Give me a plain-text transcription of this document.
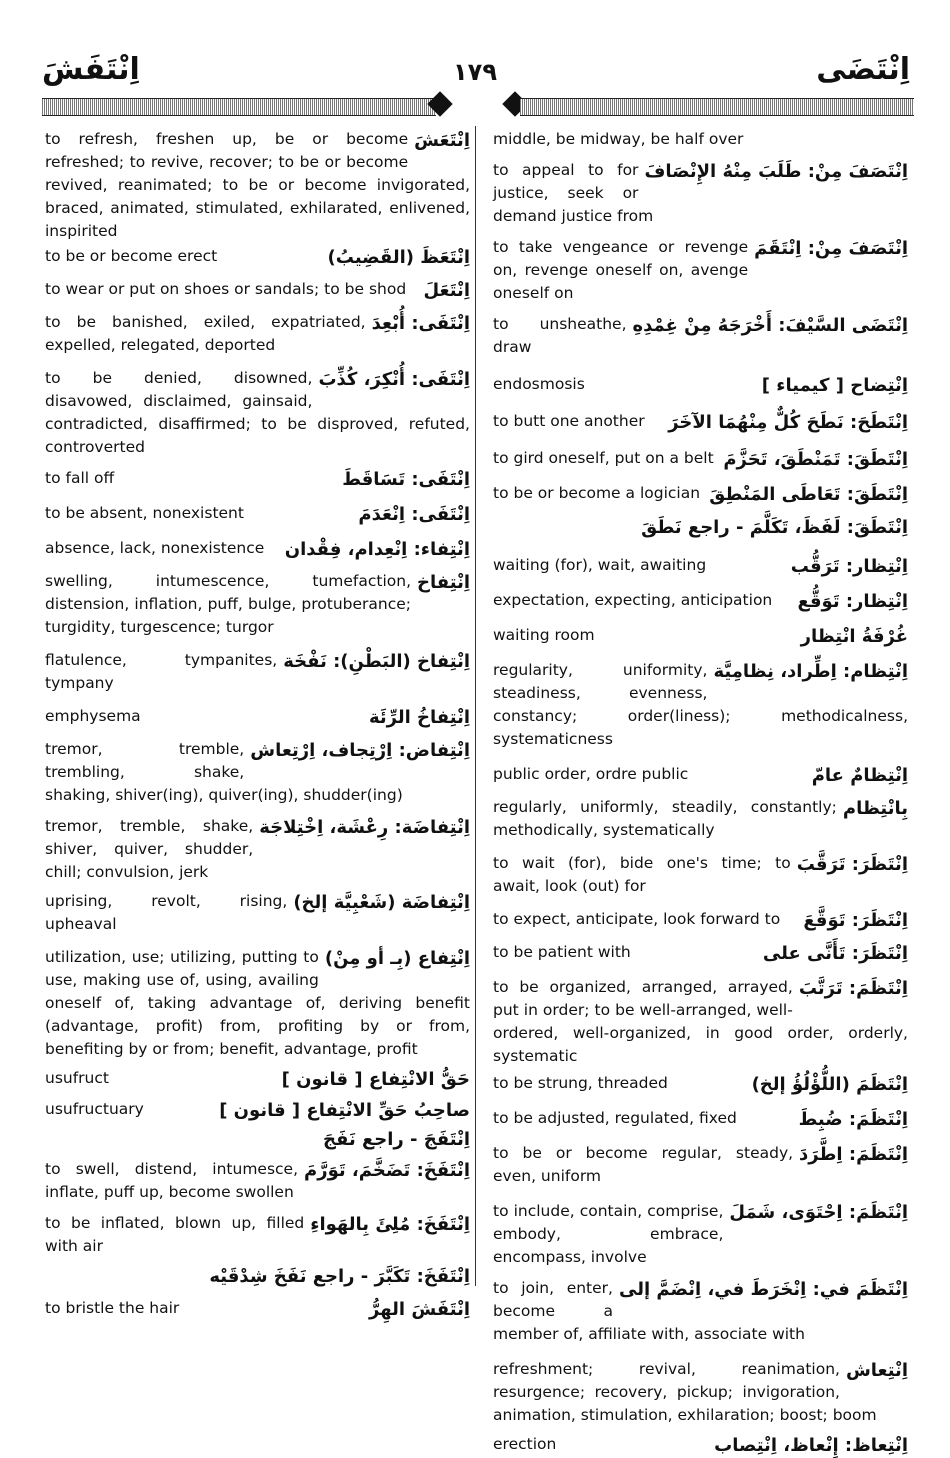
اِنْتَضَى
١٧٩
اِنْتَفَشَ
middle, be midway, be half over
اِنْتَصَفَ مِنْ: طَلَبَ مِنْهُ الإِنْصَافَ
to appeal to for justice, seek or demand justice from
اِنْتَصَفَ مِنْ: اِنْتَقَمَ
to take vengeance or revenge on, revenge oneself on, avenge oneself on
اِنْتَضَى السَّيْفَ: أَخْرَجَهُ مِنْ غِمْدِهِ
to unsheathe, draw
اِنْتِضاح [ كيمياء ]
endosmosis
اِنْتَطَحَ: نَطَحَ كُلٌّ مِنْهُمَا الآخَرَ
to butt one another
اِنْتَطَقَ: تَمَنْطَقَ، تَحَزَّمَ
to gird oneself, put on a belt
اِنْتَطَقَ: تَعَاطَى المَنْطِقَ
to be or become a logician
اِنْتَطَقَ: لَفَظَ، تَكَلَّمَ - راجع نَطَقَ
اِنْتِظار: تَرَقُّب
waiting (for), wait, awaiting
اِنْتِظار: تَوَقُّع
expectation, expecting, anticipation
غُرْفَةُ انْتِظار
waiting room
اِنْتِظام: اِطِّراد، نِظامِيَّة
regularity, uniformity, steadiness, evenness, constancy; order(liness); methodicalness, systematicness
اِنْتِظامٌ عامّ
public order, ordre public
بِانْتِظام
regularly, uniformly, steadily, constantly; methodically, systematically
اِنْتَظَرَ: تَرَقَّبَ
to wait (for), bide one's time; to await, look (out) for
اِنْتَظَرَ: تَوَقَّعَ
to expect, anticipate, look forward to
اِنْتَظَرَ: تَأَنَّى على
to be patient with
اِنْتَظَمَ: تَرَتَّبَ
to be organized, arranged, arrayed, put in order; to be well-arranged, well-ordered, well-organized, in good order, orderly, systematic
اِنْتَظَمَ (اللُّؤْلُؤُ إلخ)
to be strung, threaded
اِنْتَظَمَ: ضُبِطَ
to be adjusted, regulated, fixed
اِنْتَظَمَ: اِطَّرَدَ
to be or become regular, steady, even, uniform
اِنْتَظَمَ: اِحْتَوَى، شَمَلَ
to include, contain, comprise, embody, embrace, encompass, involve
اِنْتَظَمَ في: اِنْخَرَطَ في، اِنْضَمَّ إلى
to join, enter, become a member of, affiliate with, associate with
اِنْتِعاش
refreshment; revival, reanimation, resurgence; recovery, pickup; invigoration, animation, stimulation, exhilaration; boost; boom
اِنْتِعاظ: إِنْعاظ، اِنْتِصاب
erection
اِنْتَعَشَ
to refresh, freshen up, be or become refreshed; to revive, recover; to be or become revived, reanimated; to be or become invigorated, braced, animated, stimulated, exhilarated, enlivened, inspirited
اِنْتَعَظَ (القَضِيبُ)
to be or become erect
اِنْتَعَلَ
to wear or put on shoes or sandals; to be shod
اِنْتَفَى: أُبْعِدَ
to be banished, exiled, expatriated, expelled, relegated, deported
اِنْتَفَى: أُنْكِرَ، كُذِّبَ
to be denied, disowned, disavowed, disclaimed, gainsaid, contradicted, disaffirmed; to be disproved, refuted, controverted
اِنْتَفَى: تَسَاقَطَ
to fall off
اِنْتَفَى: اِنْعَدَمَ
to be absent, nonexistent
اِنْتِفاء: اِنْعِدام، فِقْدان
absence, lack, nonexistence
اِنْتِفاخ
swelling, intumescence, tumefaction, distension, inflation, puff, bulge, protuberance; turgidity, turgescence; turgor
اِنْتِفاخ (البَطْنِ): نَفْخَة
flatulence, tympanites, tympany
اِنْتِفاخُ الرِّئَة
emphysema
اِنْتِفاض: اِرْتِجاف، اِرْتِعاش
tremor, tremble, trembling, shake, shaking, shiver(ing), quiver(ing), shudder(ing)
اِنْتِفاضَة: رِعْشَة، اِخْتِلاجَة
tremor, tremble, shake, shiver, quiver, shudder, chill; convulsion, jerk
اِنْتِفاضَة (شَعْبِيَّة إلخ)
uprising, revolt, rising, upheaval
اِنْتِفاع (بِـ أو مِنْ)
utilization, use; utilizing, putting to use, making use of, using, availing oneself of, taking advantage of, deriving benefit (advantage, profit) from, profiting by or from, benefiting by or from; benefit, advantage, profit
حَقُّ الانْتِفاع [ قانون ]
usufruct
صاحِبُ حَقِّ الانْتِفاع [ قانون ]
usufructuary
اِنْتَفَجَ - راجع نَفَجَ
اِنْتَفَخَ: تَضَخَّمَ، تَوَرَّمَ
to swell, distend, intumesce, inflate, puff up, become swollen
اِنْتَفَخَ: مُلِئَ بِالهَواءِ
to be inflated, blown up, filled with air
اِنْتَفَخَ: تَكَبَّرَ - راجع نَفَخَ شِدْقَيْه
اِنْتَفَشَ الهِرُّ
to bristle the hair
